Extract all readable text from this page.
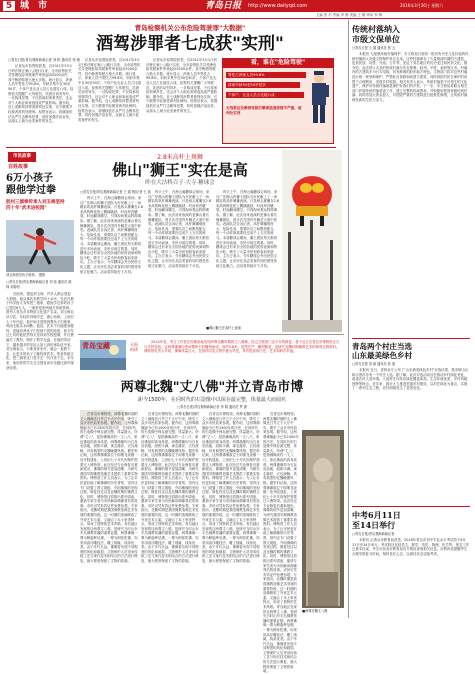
5 城 市	青岛日报 http://www.dailyqd.com	2016年3月26日 星期六
主编 张 杉 责编 李 静 美编 王 刚 审读 李 梅
青岛检察机关公布危险驾驶罪"大数据"
酒驾涉罪者七成获"实刑"
□青岛日报/青岛观海新闻记者 刘 栋 通讯员 张 艳
记者从市检察院获悉，自2011年5月1日刑法修正案(八)施行以来，全市检察机关共受理危险驾驶案件审查起诉5200余件，其中醉酒驾驶占绝大多数。统计显示，涉案人员中男性占99.8%，年龄多集中在30至50岁，个体户及无业人员占比超过六成。检察机关提醒广大驾驶员，饮酒后切勿驾车，一旦构成犯罪，不仅将承担刑事责任，还会对个人职业和家庭造成严重影响。据介绍，近七成醉驾涉罪者被判处实刑，仅少数情节轻微者被判处缓刑。检察官表示，将继续依法从严打击醉驾犯罪，同时加强法治宣传，从源头上减少此类案件的发生。
记者从市检察院获悉，自2011年5月1日刑法修正案(八)施行以来，全市检察机关共受理危险驾驶案件审查起诉5200余件，其中醉酒驾驶占绝大多数。统计显示，涉案人员中男性占99.8%，年龄多集中在30至50岁，个体户及无业人员占比超过六成。检察机关提醒广大驾驶员，饮酒后切勿驾车，一旦构成犯罪，不仅将承担刑事责任，还会对个人职业和家庭造成严重影响。据介绍，近七成醉驾涉罪者被判处实刑，仅少数情节轻微者被判处缓刑。检察官表示，将继续依法从严打击醉驾犯罪，同时加强法治宣传，从源头上减少此类案件的发生。
记者从市检察院获悉，自2011年5月1日刑法修正案(八)施行以来，全市检察机关共受理危险驾驶案件审查起诉5200余件，其中醉酒驾驶占绝大多数。统计显示，涉案人员中男性占99.8%，年龄多集中在30至50岁，个体户及无业人员占比超过六成。检察机关提醒广大驾驶员，饮酒后切勿驾车，一旦构成犯罪，不仅将承担刑事责任，还会对个人职业和家庭造成严重影响。据介绍，近七成醉驾涉罪者被判处实刑，仅少数情节轻微者被判处缓刑。检察官表示，将继续依法从严打击醉驾犯罪，同时加强法治宣传，从源头上减少此类案件的发生。
看，谁在"危险驾驶"
男性占涉案人员99.8%
涉案年龄30至50岁居多
个体户、无业人员占比超六成
无驾驶证及醉酒驾驶后肇事逃逸等情节严重，被判处实刑
市民故事
百姓故事
6万小孩子
跟他学过拳
胶州三旗拳传承人刘玉海坚持四十年"武术进校园"
刘玉海指导孩子练拳。 摄影
□青岛日报/青岛观海新闻记者 刘 伟 通讯员 陈 林 刘春阳
在胶州，提起刘玉海，许多人都会竖起大拇指。他从事武术教学四十余年，先后在数十所学校义务传授三旗拳，跟他学过拳的孩子已超过6万人。三旗拳是胶州地方传统拳种，被列入青岛市非物质文化遗产名录。刘玉海自幼习武，年轻时拜师学艺，潜心钻研。上世纪七十年代起，他开始走进校园教孩子们练拳，风雨无阻从未间断。他说，武术不仅能强身健体，更能培养孩子们坚韧不拔的品格。如今年过七旬的他依然每天坚持到学校授课，并自费编写了教材，制作了教学光盘。在他的带动下，越来越多的年轻人加入到传承队伍中来。刘玉海表示，只要身体允许，就会一直教下去，让更多的孩子了解传统武术，热爱传统文化，把三旗拳这门老手艺一代代传下去。多年来，他培养的学生在全国及省市各级比赛中屡获佳绩。
2.8米高杆上舞狮
佛山"狮王"实在是高
昨在大沽桥百子·大寺·糖球会
□青岛日报/青岛观海新闻记者 王 娟 图/记者 王 滨
昨天上午，在海云庵糖球会现场，来自广东佛山的狮王团队为市民献上了一场精彩的高杆舞狮表演。只见两头雄狮在2.8米高的梅花桩上腾挪跳跃，时而昂首眺望，时而翻身腾空，引得现场观众阵阵喝彩。据了解，此次前来表演的是佛山著名舞狮团队，曾多次在国内外狮艺大赛中获奖。表演队员告诉记者，高杆舞狮难度大、危险性高，需要队员之间默契配合，每一个动作都需要经过成千上万次的练习。本届糖球会期间，狮王团队每天都将进行多场表演，市民可前往观看。同时，糖球会还有来自全国各地的民俗表演和特色小吃，吸引了大量市民和游客前来游玩。主办方表示，今年糖球会突出民俗文化主题，让市民在品尝美食的同时感受传统文化魅力。活动将持续至下月初。
昨天上午，在海云庵糖球会现场，来自广东佛山的狮王团队为市民献上了一场精彩的高杆舞狮表演。只见两头雄狮在2.8米高的梅花桩上腾挪跳跃，时而昂首眺望，时而翻身腾空，引得现场观众阵阵喝彩。据了解，此次前来表演的是佛山著名舞狮团队，曾多次在国内外狮艺大赛中获奖。表演队员告诉记者，高杆舞狮难度大、危险性高，需要队员之间默契配合，每一个动作都需要经过成千上万次的练习。本届糖球会期间，狮王团队每天都将进行多场表演，市民可前往观看。同时，糖球会还有来自全国各地的民俗表演和特色小吃，吸引了大量市民和游客前来游玩。主办方表示，今年糖球会突出民俗文化主题，让市民在品尝美食的同时感受传统文化魅力。活动将持续至下月初。
昨天上午，在海云庵糖球会现场，来自广东佛山的狮王团队为市民献上了一场精彩的高杆舞狮表演。只见两头雄狮在2.8米高的梅花桩上腾挪跳跃，时而昂首眺望，时而翻身腾空，引得现场观众阵阵喝彩。据了解，此次前来表演的是佛山著名舞狮团队，曾多次在国内外狮艺大赛中获奖。表演队员告诉记者，高杆舞狮难度大、危险性高，需要队员之间默契配合，每一个动作都需要经过成千上万次的练习。本届糖球会期间，狮王团队每天都将进行多场表演，市民可前往观看。同时，糖球会还有来自全国各地的民俗表演和特色小吃，吸引了大量市民和游客前来游玩。主办方表示，今年糖球会突出民俗文化主题，让市民在品尝美食的同时感受传统文化魅力。活动将持续至下月初。
■佛山狮王在高杆上表演
青岛宝藏	天府的珍
2015年底，考古工作者在即墨某地发现两尊北魏时期的丈八佛像，经过文物部门近半年的修复，将于近日在青岛市博物馆正式与市民见面。这两尊佛像均采用整块石料雕刻而成，高约5.8米，造型庄严，雕刻精美，是研究北魏时期佛教艺术的珍贵实物资料。博物馆负责人介绍，佛像体量巨大，在国内同类文物中极为罕见，具有很高的历史、艺术和科学价值。
两尊北魏"丈八佛"并立青岛市博
距今1500年，在同时代的石造像中以保存最完整，体量最大而闻名
□青岛日报/青岛观海新闻记者 李 娟 通讯员 罗 潇
在青岛市博物馆，两尊北魏时期的丈八佛像近日并立于大厅中央，吸引了众多市民前来参观。据介绍，这两尊佛像距今已有1500年的历史，在同时代的石造像中保存最完整、体量最大。所谓"丈八"，是指佛像高约一丈八尺，象征佛祖的真身高度。两尊佛像均为石灰岩质地，面相丰满，神态慈祥，衣纹流畅，具有典型的北魏晚期风格。据史料记载，这两尊佛像原位于即墨龙泉镇一处寺院遗址，上世纪七十年代因保护需要迁入博物馆。此次经过专业修复后重新展出，佛像的细节更加清晰，为研究我国早期佛教造像艺术提供了重要实物资料。博物馆工作人员表示，为了让市民更好地了解佛像的历史背景，馆内还专门设置了图文展板，介绍佛像的发现过程、修复经过以及北魏时期的佛教文化。同时，博物馆还将推出系列讲座，邀请专家学者为市民解读佛像背后的故事。市民可凭有效证件免费参观。专家指出，北魏时期是我国佛教造像艺术发展的重要阶段，这一时期的造像吸收了外来艺术元素，又融合了本土审美特点，形成了独特的艺术风格。青岛地区发现的这两尊丈八佛，是研究当时山东半岛佛教传播的重要证据。两尊佛像一尊为释迦牟尼佛，一尊为阿弥陀佛，均采用高浮雕技法，雕工细腻，线条优美。由于年代久远，佛像曾出现不同程度的风化和破损，文物保护人员采用传统工艺与现代技术相结合的方法进行修复，最大程度保留了文物的原貌。
在青岛市博物馆，两尊北魏时期的丈八佛像近日并立于大厅中央，吸引了众多市民前来参观。据介绍，这两尊佛像距今已有1500年的历史，在同时代的石造像中保存最完整、体量最大。所谓"丈八"，是指佛像高约一丈八尺，象征佛祖的真身高度。两尊佛像均为石灰岩质地，面相丰满，神态慈祥，衣纹流畅，具有典型的北魏晚期风格。据史料记载，这两尊佛像原位于即墨龙泉镇一处寺院遗址，上世纪七十年代因保护需要迁入博物馆。此次经过专业修复后重新展出，佛像的细节更加清晰，为研究我国早期佛教造像艺术提供了重要实物资料。博物馆工作人员表示，为了让市民更好地了解佛像的历史背景，馆内还专门设置了图文展板，介绍佛像的发现过程、修复经过以及北魏时期的佛教文化。同时，博物馆还将推出系列讲座，邀请专家学者为市民解读佛像背后的故事。市民可凭有效证件免费参观。专家指出，北魏时期是我国佛教造像艺术发展的重要阶段，这一时期的造像吸收了外来艺术元素，又融合了本土审美特点，形成了独特的艺术风格。青岛地区发现的这两尊丈八佛，是研究当时山东半岛佛教传播的重要证据。两尊佛像一尊为释迦牟尼佛，一尊为阿弥陀佛，均采用高浮雕技法，雕工细腻，线条优美。由于年代久远，佛像曾出现不同程度的风化和破损，文物保护人员采用传统工艺与现代技术相结合的方法进行修复，最大程度保留了文物的原貌。
在青岛市博物馆，两尊北魏时期的丈八佛像近日并立于大厅中央，吸引了众多市民前来参观。据介绍，这两尊佛像距今已有1500年的历史，在同时代的石造像中保存最完整、体量最大。所谓"丈八"，是指佛像高约一丈八尺，象征佛祖的真身高度。两尊佛像均为石灰岩质地，面相丰满，神态慈祥，衣纹流畅，具有典型的北魏晚期风格。据史料记载，这两尊佛像原位于即墨龙泉镇一处寺院遗址，上世纪七十年代因保护需要迁入博物馆。此次经过专业修复后重新展出，佛像的细节更加清晰，为研究我国早期佛教造像艺术提供了重要实物资料。博物馆工作人员表示，为了让市民更好地了解佛像的历史背景，馆内还专门设置了图文展板，介绍佛像的发现过程、修复经过以及北魏时期的佛教文化。同时，博物馆还将推出系列讲座，邀请专家学者为市民解读佛像背后的故事。市民可凭有效证件免费参观。专家指出，北魏时期是我国佛教造像艺术发展的重要阶段，这一时期的造像吸收了外来艺术元素，又融合了本土审美特点，形成了独特的艺术风格。青岛地区发现的这两尊丈八佛，是研究当时山东半岛佛教传播的重要证据。两尊佛像一尊为释迦牟尼佛，一尊为阿弥陀佛，均采用高浮雕技法，雕工细腻，线条优美。由于年代久远，佛像曾出现不同程度的风化和破损，文物保护人员采用传统工艺与现代技术相结合的方法进行修复，最大程度保留了文物的原貌。
在青岛市博物馆，两尊北魏时期的丈八佛像近日并立于大厅中央，吸引了众多市民前来参观。据介绍，这两尊佛像距今已有1500年的历史，在同时代的石造像中保存最完整、体量最大。所谓"丈八"，是指佛像高约一丈八尺，象征佛祖的真身高度。两尊佛像均为石灰岩质地，面相丰满，神态慈祥，衣纹流畅，具有典型的北魏晚期风格。据史料记载，这两尊佛像原位于即墨龙泉镇一处寺院遗址，上世纪七十年代因保护需要迁入博物馆。此次经过专业修复后重新展出，佛像的细节更加清晰，为研究我国早期佛教造像艺术提供了重要实物资料。博物馆工作人员表示，为了让市民更好地了解佛像的历史背景，馆内还专门设置了图文展板，介绍佛像的发现过程、修复经过以及北魏时期的佛教文化。同时，博物馆还将推出系列讲座，邀请专家学者为市民解读佛像背后的故事。市民可凭有效证件免费参观。专家指出，北魏时期是我国佛教造像艺术发展的重要阶段，这一时期的造像吸收了外来艺术元素，又融合了本土审美特点，形成了独特的艺术风格。青岛地区发现的这两尊丈八佛，是研究当时山东半岛佛教传播的重要证据。两尊佛像一尊为释迦牟尼佛，一尊为阿弥陀佛，均采用高浮雕技法，雕工细腻，线条优美。由于年代久远，佛像曾出现不同程度的风化和破损，文物保护人员采用传统工艺与现代技术相结合的方法进行修复，最大程度保留了文物的原貌。
■两尊北魏丈八佛
传统村落纳入
市级文保单位
□青岛日报 王 娟 通讯员 张 云
本报讯 为加强传统村落保护，市文物局日前将一批具有历史文化价值的传统村落纳入市级文物保护单位名录。这些村落保存了大量明清时期的古建筑，包括民居、祠堂、寺庙、古井等，见证了青岛地区的历史变迁和民俗文化。据介绍，此次纳入名录的传统村落分布在即墨、胶州、平度、莱西等区市。村落内的古建筑多为石木结构，具有鲜明的胶东地方特色。文物部门将对这些村落进行统一规划和保护，严禁私自拆除和改建古建筑，同时鼓励村民在保护的前提下合理利用，发展乡村旅游。相关负责人表示，传统村落是不可再生的文化遗产，保护好传统村落就是保护好我们的乡愁。下一步，市文物局将联合相关部门开展传统村落普查工作，建立完整的档案资料，并积极申报国家级传统村落。同时将加大资金投入，对损毁严重的古建筑进行抢救性修缮，让传统村落焕发新的生机与活力。
青岛两个村庄当选
山东最美绿色乡村
□青岛日报 刘 丽 通讯员 张 燕
本报讯 近日，省林业厅公布了"山东最美绿色乡村"评选结果，我市崂山区和平度市各有一个村庄入选。据了解，此次评选活动旨在推动乡村绿化美化，改善农村人居环境。入选村庄均具有绿化覆盖率高、生态环境优美、乡村风貌独特等特点。近年来，我市大力推进美丽乡村建设，以村庄绿化为重点，实施了一系列生态工程，农村面貌发生了显著变化。
中考6月11日
至14日举行
□青岛日报/青岛观海新闻记者
本报讯 记者从市教育局获悉，2016年青岛市初中学业水平考试将于6月11日至14日举行。考试科目包括语文、数学、英语、物理、化学等。报名工作已基本结束，考生可登录市教育局官方网站查询相关信息。市教育局提醒考生合理安排复习时间，保持良好心态，以最佳状态迎接考试。
